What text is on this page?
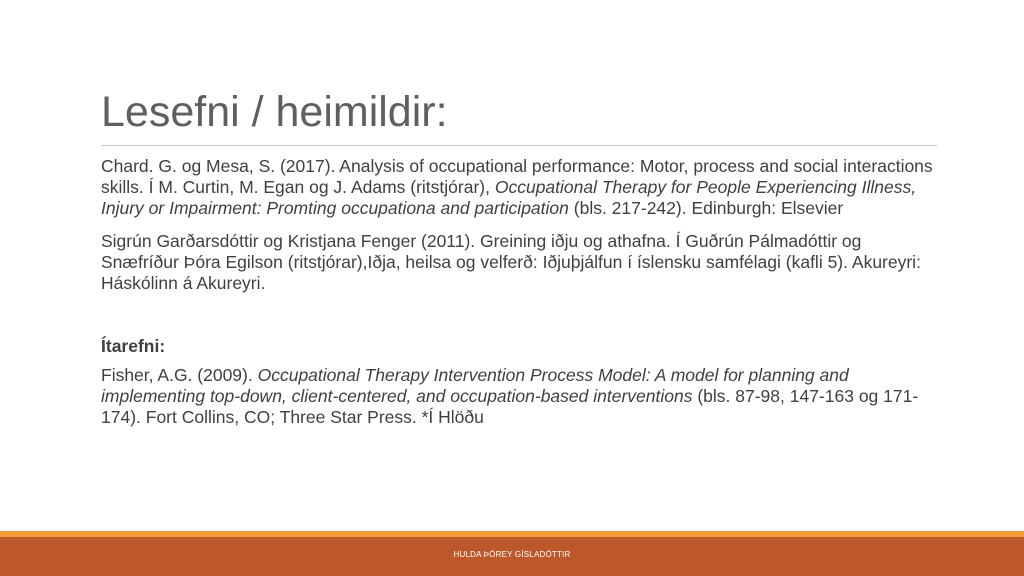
Lesefni / heimildir:

Chard. G. og Mesa, S. (2017). Analysis of occupational performance: Motor, process and social interactions skills. Í M. Curtin, M. Egan og J. Adams (ritstjórar), Occupational Therapy for People Experiencing Illness, Injury or Impairment: Promting occupationa and participation (bls. 217-242). Edinburgh: Elsevier

Sigrún Garðarsdóttir og Kristjana Fenger (2011). Greining iðju og athafna. Í Guðrún Pálmadóttir og Snæfríður Þóra Egilson (ritstjórar),Iðja, heilsa og velferð: Iðjuþjálfun í íslensku samfélagi (kafli 5). Akureyri: Háskólinn á Akureyri.

Ítarefni:

Fisher, A.G. (2009). Occupational Therapy Intervention Process Model: A model for planning and implementing top-down, client-centered, and occupation-based interventions (bls. 87-98, 147-163 og 171-174). Fort Collins, CO; Three Star Press. *Í Hlöðu

HULDA ÞÓREY GÍSLADÓTTIR
